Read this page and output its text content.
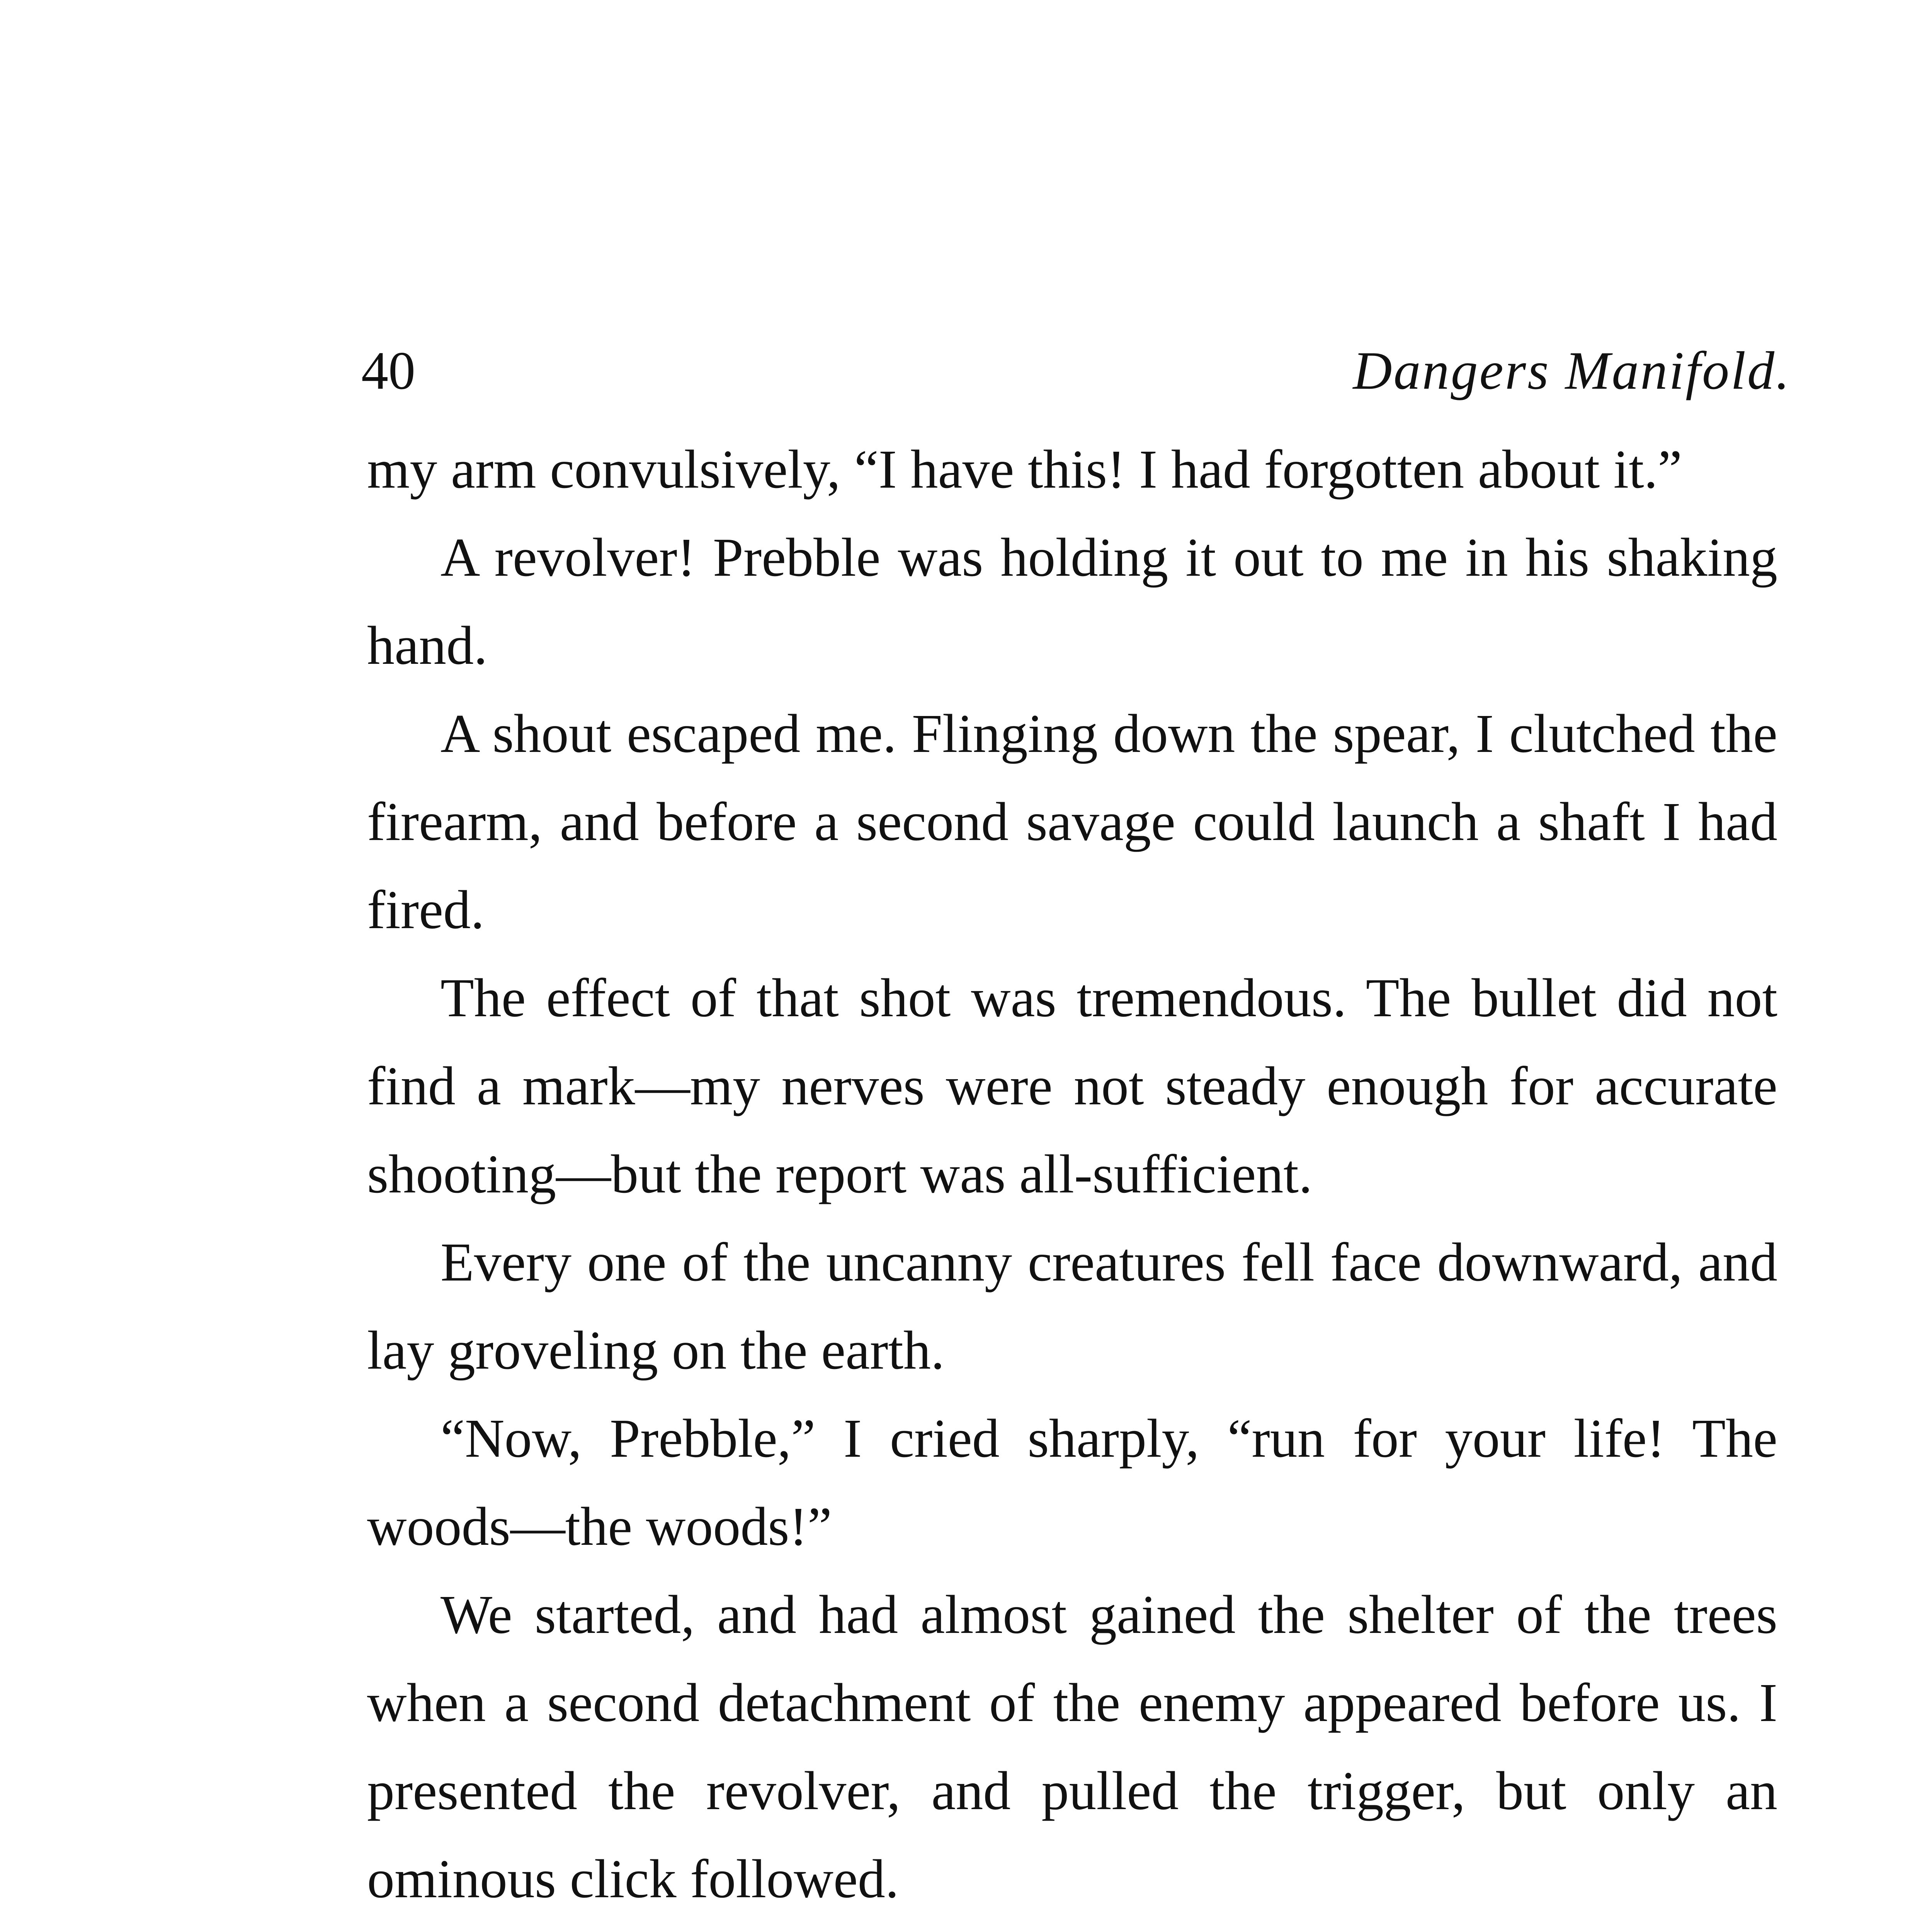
40	Dangers Manifold.

my arm convulsively, “I have this! I had forgotten about it.”

A revolver! Prebble was holding it out to me in his shaking hand.

A shout escaped me. Flinging down the spear, I clutched the firearm, and before a second savage could launch a shaft I had fired.

The effect of that shot was tremendous. The bullet did not find a mark—my nerves were not steady enough for accurate shooting—but the report was all-sufficient.

Every one of the uncanny creatures fell face downward, and lay groveling on the earth.

“Now, Prebble,” I cried sharply, “run for your life! The woods—the woods!”

We started, and had almost gained the shelter of the trees when a second detachment of the enemy appeared before us. I presented the revolver, and pulled the trigger, but only an ominous click followed.
